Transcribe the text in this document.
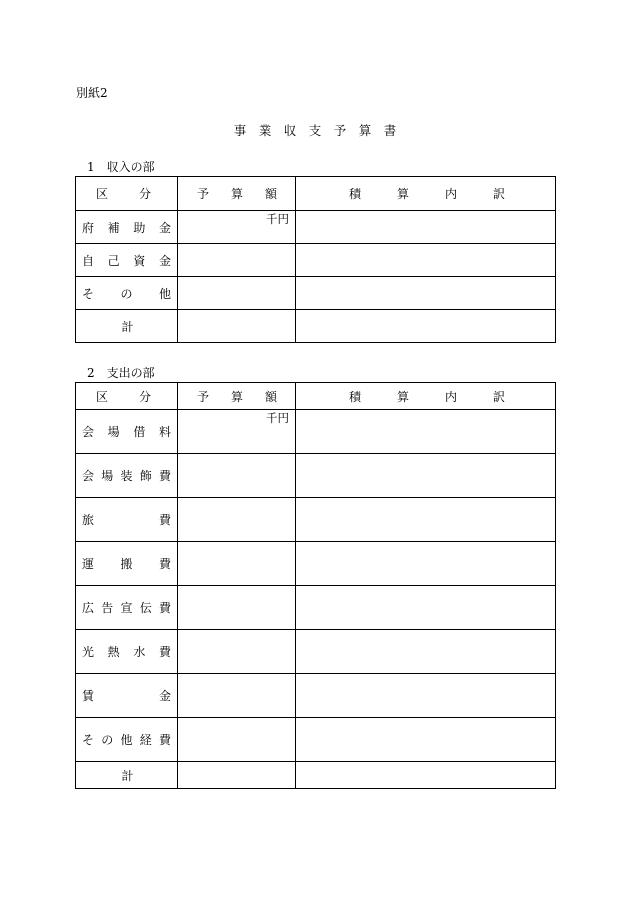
別紙2
事　業　収　支　予　算　書
1　収入の部
区分	予算額	積算内訳

府補助金	千円	

自己資金		

その他		

計		

2　支出の部
区分	予算額	積算内訳

会場借料	千円	

会場装飾費		

旅費		

運搬費		

広告宣伝費		

光熱水費		

賃金		

その他経費		

計		
